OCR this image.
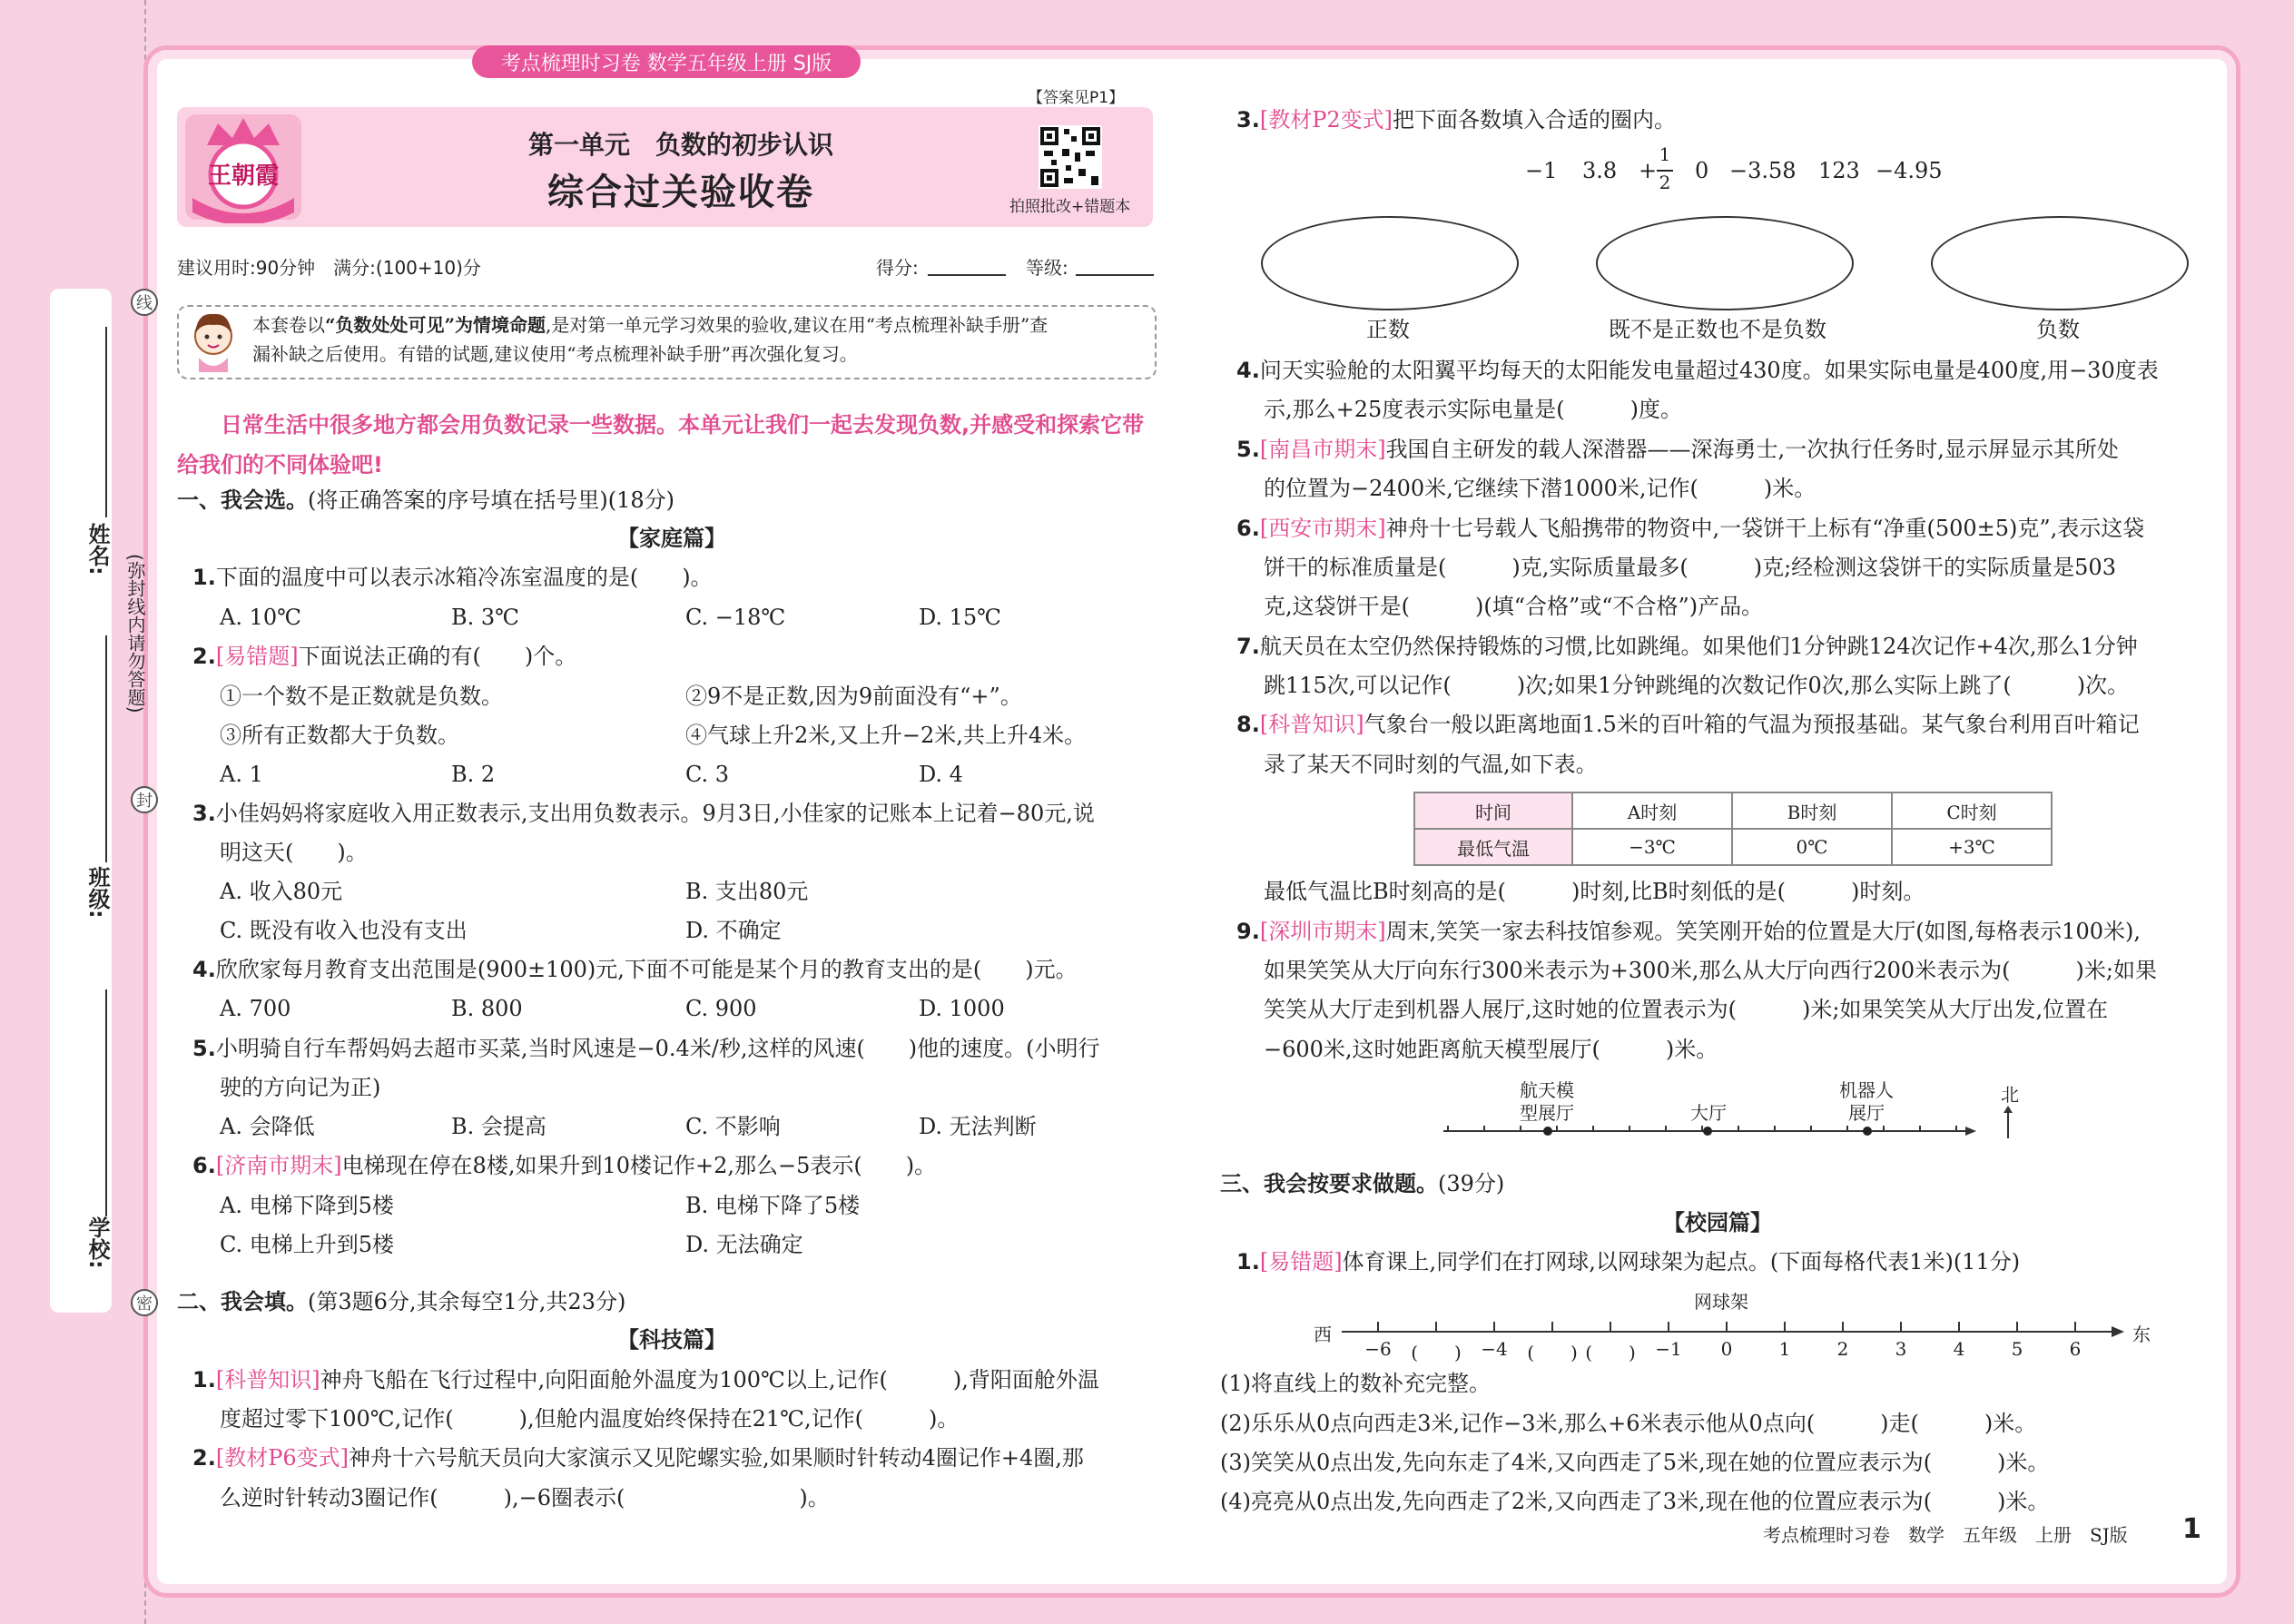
姓名:
班级:
学校:
(弥封线内请勿答题)
线
封
密
考点梳理时习卷 数学五年级上册 SJ版
【答案见P1】
王朝霞
第一单元　负数的初步认识
综合过关验收卷	拍照批改+错题本
建议用时:90分钟　满分:(100+10)分	得分:	等级:
本套卷以“负数处处可见”为情境命题,是对第一单元学习效果的验收,建议在用“考点梳理补缺手册”查
漏补缺之后使用。有错的试题,建议使用“考点梳理补缺手册”再次强化复习。
日常生活中很多地方都会用负数记录一些数据。本单元让我们一起去发现负数,并感受和探索它带给我们的不同体验吧!
一、我会选。(将正确答案的序号填在括号里)(18分)
【家庭篇】
1.下面的温度中可以表示冰箱冷冻室温度的是(　　)。
A. 10℃	B. 3℃	C. −18℃	D. 15℃
2.[易错题]下面说法正确的有(　　)个。
①一个数不是正数就是负数。	②9不是正数,因为9前面没有“+”。
③所有正数都大于负数。	④气球上升2米,又上升−2米,共上升4米。
A. 1	B. 2	C. 3	D. 4
3.小佳妈妈将家庭收入用正数表示,支出用负数表示。9月3日,小佳家的记账本上记着−80元,说
明这天(　　)。
A. 收入80元	B. 支出80元
C. 既没有收入也没有支出	D. 不确定
4.欣欣家每月教育支出范围是(900±100)元,下面不可能是某个月的教育支出的是(　　)元。
A. 700	B. 800	C. 900	D. 1000
5.小明骑自行车帮妈妈去超市买菜,当时风速是−0.4米/秒,这样的风速(　　)他的速度。(小明行
驶的方向记为正)
A. 会降低	B. 会提高	C. 不影响	D. 无法判断
6.[济南市期末]电梯现在停在8楼,如果升到10楼记作+2,那么−5表示(　　)。
A. 电梯下降到5楼	B. 电梯下降了5楼
C. 电梯上升到5楼	D. 无法确定
二、我会填。(第3题6分,其余每空1分,共23分)
【科技篇】
1.[科普知识]神舟飞船在飞行过程中,向阳面舱外温度为100℃以上,记作(　　　),背阳面舱外温
度超过零下100℃,记作(　　　),但舱内温度始终保持在21℃,记作(　　　)。
2.[教材P6变式]神舟十六号航天员向大家演示又见陀螺实验,如果顺时针转动4圈记作+4圈,那
么逆时针转动3圈记作(　　　),−6圈表示(　　　　　　　　)。
3.[教材P2变式]把下面各数填入合适的圈内。
−1 3.8 +
1
2 0 −3.58 123 −4.95
正数	既不是正数也不是负数	负数
4.问天实验舱的太阳翼平均每天的太阳能发电量超过430度。如果实际电量是400度,用−30度表
示,那么+25度表示实际电量是(　　　)度。
5.[南昌市期末]我国自主研发的载人深潜器——深海勇士,一次执行任务时,显示屏显示其所处
的位置为−2400米,它继续下潜1000米,记作(　　　)米。
6.[西安市期末]神舟十七号载人飞船携带的物资中,一袋饼干上标有“净重(500±5)克”,表示这袋
饼干的标准质量是(　　　)克,实际质量最多(　　　)克;经检测这袋饼干的实际质量是503
克,这袋饼干是(　　　)(填“合格”或“不合格”)产品。
7.航天员在太空仍然保持锻炼的习惯,比如跳绳。如果他们1分钟跳124次记作+4次,那么1分钟
跳115次,可以记作(　　　)次;如果1分钟跳绳的次数记作0次,那么实际上跳了(　　　)次。
8.[科普知识]气象台一般以距离地面1.5米的百叶箱的气温为预报基础。某气象台利用百叶箱记
录了某天不同时刻的气温,如下表。
时间	A时刻	B时刻	C时刻
最低气温	−3℃	0℃	+3℃
最低气温比B时刻高的是(　　　)时刻,比B时刻低的是(　　　)时刻。
9.[深圳市期末]周末,笑笑一家去科技馆参观。笑笑刚开始的位置是大厅(如图,每格表示100米),
如果笑笑从大厅向东行300米表示为+300米,那么从大厅向西行200米表示为(　　　)米;如果
笑笑从大厅走到机器人展厅,这时她的位置表示为(　　　)米;如果笑笑从大厅出发,位置在
−600米,这时她距离航天模型展厅(　　　)米。
航天模
型展厅	大厅
机器人
展厅
北
三、我会按要求做题。(39分)
【校园篇】
1.[易错题]体育课上,同学们在打网球,以网球架为起点。(下面每格代表1米)(11分)
网球架
西	东
−6	(　　)	−4	(　　) (　　)	−1	0	1	2	3	4	5	6
(1)将直线上的数补充完整。
(2)乐乐从0点向西走3米,记作−3米,那么+6米表示他从0点向(　　　)走(　　　)米。
(3)笑笑从0点出发,先向东走了4米,又向西走了5米,现在她的位置应表示为(　　　)米。
(4)亮亮从0点出发,先向西走了2米,又向西走了3米,现在他的位置应表示为(　　　)米。
考点梳理时习卷　数学　五年级　上册　SJ版 1
